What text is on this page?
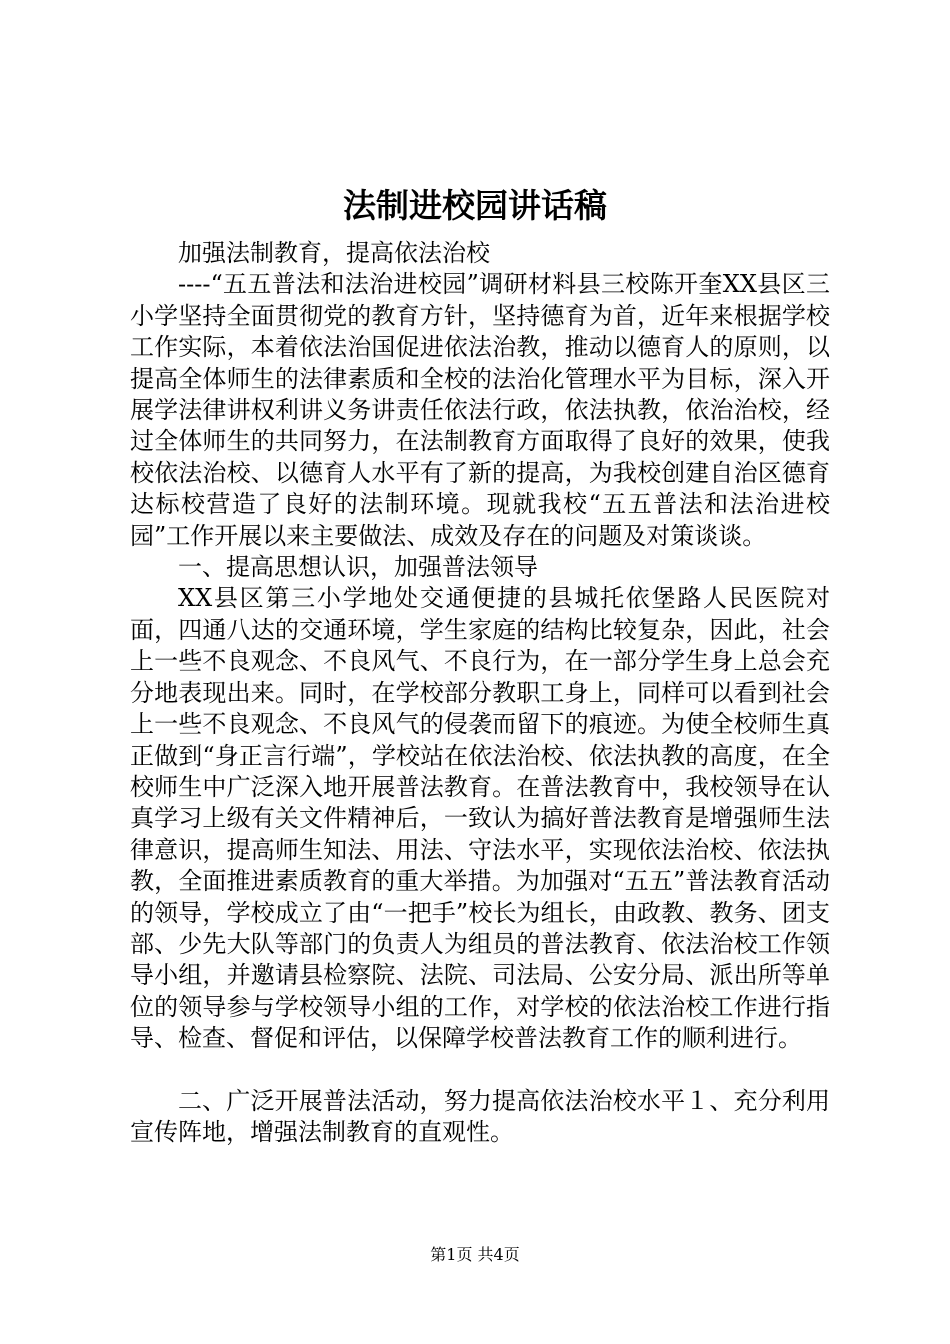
法制进校园讲话稿

加强法制教育，提高依法治校

----“五五普法和法治进校园”调研材料县三校陈开奎XX县区三小学坚持全面贯彻党的教育方针，坚持德育为首，近年来根据学校工作实际，本着依法治国促进依法治教，推动以德育人的原则，以提高全体师生的法律素质和全校的法治化管理水平为目标，深入开展学法律讲权利讲义务讲责任依法行政，依法执教，依治治校，经过全体师生的共同努力，在法制教育方面取得了良好的效果，使我校依法治校、以德育人水平有了新的提高，为我校创建自治区德育达标校营造了良好的法制环境。现就我校“五五普法和法治进校园”工作开展以来主要做法、成效及存在的问题及对策谈谈。

一、提高思想认识，加强普法领导

XX县区第三小学地处交通便捷的县城托依堡路人民医院对面，四通八达的交通环境，学生家庭的结构比较复杂，因此，社会上一些不良观念、不良风气、不良行为，在一部分学生身上总会充分地表现出来。同时，在学校部分教职工身上，同样可以看到社会上一些不良观念、不良风气的侵袭而留下的痕迹。为使全校师生真正做到“身正言行端”，学校站在依法治校、依法执教的高度，在全校师生中广泛深入地开展普法教育。在普法教育中，我校领导在认真学习上级有关文件精神后，一致认为搞好普法教育是增强师生法律意识，提高师生知法、用法、守法水平，实现依法治校、依法执教，全面推进素质教育的重大举措。为加强对“五五”普法教育活动的领导，学校成立了由“一把手”校长为组长，由政教、教务、团支部、少先大队等部门的负责人为组员的普法教育、依法治校工作领导小组，并邀请县检察院、法院、司法局、公安分局、派出所等单位的领导参与学校领导小组的工作，对学校的依法治校工作进行指导、检查、督促和评估，以保障学校普法教育工作的顺利进行。

二、广泛开展普法活动，努力提高依法治校水平１、充分利用宣传阵地，增强法制教育的直观性。

第1页 共4页
